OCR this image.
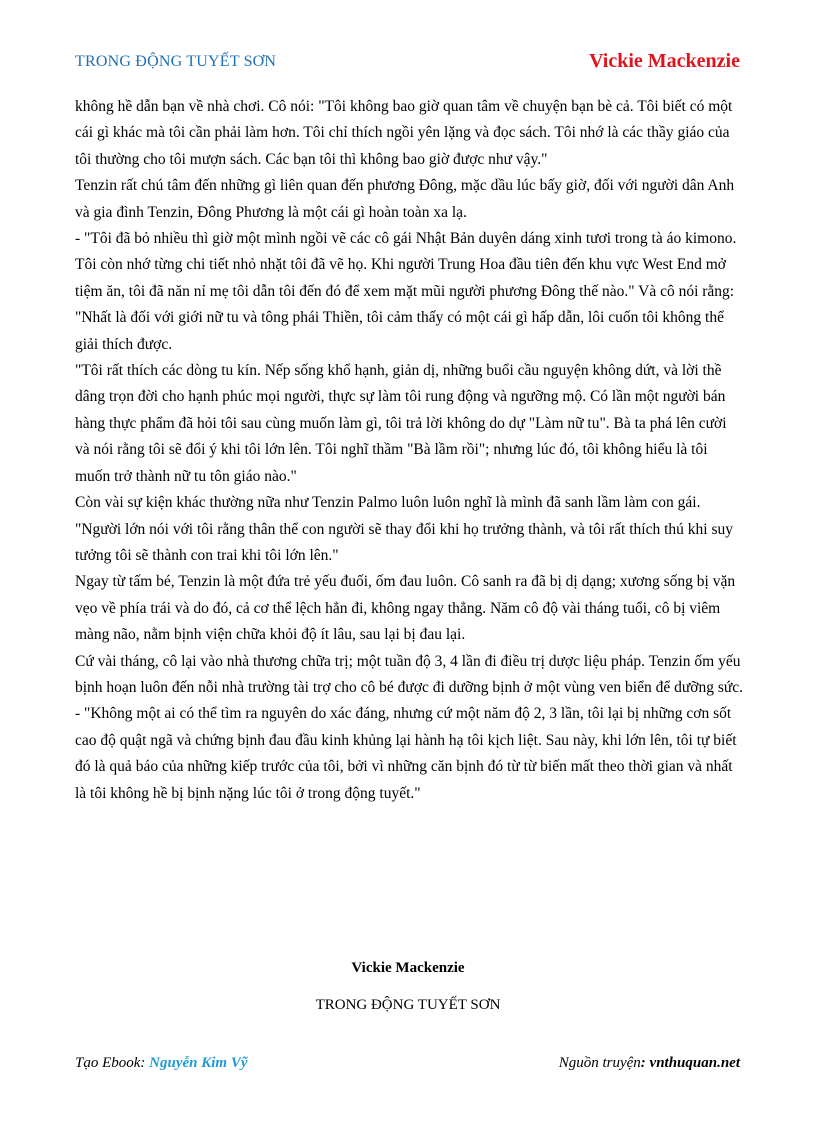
TRONG ĐỘNG TUYẾT SƠN	Vickie Mackenzie

không hề dẫn bạn về nhà chơi. Cô nói: "Tôi không bao giờ quan tâm về chuyện bạn bè cả. Tôi biết có một cái gì khác mà tôi cần phải làm hơn. Tôi chỉ thích ngồi yên lặng và đọc sách. Tôi nhớ là các thầy giáo của tôi thường cho tôi mượn sách. Các bạn tôi thì không bao giờ được như vậy."

Tenzin rất chú tâm đến những gì liên quan đến phương Đông, mặc dầu lúc bấy giờ, đối với người dân Anh và gia đình Tenzin, Đông Phương là một cái gì hoàn toàn xa lạ.

- "Tôi đã bỏ nhiều thì giờ một mình ngồi vẽ các cô gái Nhật Bản duyên dáng xinh tươi trong tà áo kimono. Tôi còn nhớ từng chi tiết nhỏ nhặt tôi đã vẽ họ. Khi người Trung Hoa đầu tiên đến khu vực West End mở tiệm ăn, tôi đã năn nỉ mẹ tôi dẫn tôi đến đó để xem mặt mũi người phương Đông thế nào." Và cô nói rằng: "Nhất là đối với giới nữ tu và tông phái Thiền, tôi cảm thấy có một cái gì hấp dẫn, lôi cuốn tôi không thể giải thích được.

"Tôi rất thích các dòng tu kín. Nếp sống khổ hạnh, giản dị, những buổi cầu nguyện không dứt, và lời thề dâng trọn đời cho hạnh phúc mọi người, thực sự làm tôi rung động và ngưỡng mộ. Có lần một người bán hàng thực phẩm đã hỏi tôi sau cùng muốn làm gì, tôi trả lời không do dự "Làm nữ tu". Bà ta phá lên cười và nói rằng tôi sẽ đổi ý khi tôi lớn lên. Tôi nghĩ thầm "Bà lầm rồi"; nhưng lúc đó, tôi không hiểu là tôi muốn trở thành nữ tu tôn giáo nào."

Còn vài sự kiện khác thường nữa như Tenzin Palmo luôn luôn nghĩ là mình đã sanh lầm làm con gái. "Người lớn nói với tôi rằng thân thể con người sẽ thay đổi khi họ trưởng thành, và tôi rất thích thú khi suy tưởng tôi sẽ thành con trai khi tôi lớn lên."

Ngay từ tấm bé, Tenzin là một đứa trẻ yếu đuối, ốm đau luôn. Cô sanh ra đã bị dị dạng; xương sống bị vặn vẹo về phía trái và do đó, cả cơ thể lệch hẳn đi, không ngay thẳng. Năm cô độ vài tháng tuổi, cô bị viêm màng não, nằm bịnh viện chữa khỏi độ ít lâu, sau lại bị đau lại.

Cứ vài tháng, cô lại vào nhà thương chữa trị; một tuần độ 3, 4 lần đi điều trị dược liệu pháp. Tenzin ốm yếu bịnh hoạn luôn đến nỗi nhà trường tài trợ cho cô bé được đi dưỡng bịnh ở một vùng ven biển để dưỡng sức.

- "Không một ai có thể tìm ra nguyên do xác đáng, nhưng cứ một năm độ 2, 3 lần, tôi lại bị những cơn sốt cao độ quật ngã và chứng bịnh đau đầu kinh khủng lại hành hạ tôi kịch liệt. Sau này, khi lớn lên, tôi tự biết đó là quả báo của những kiếp trước của tôi, bởi vì những căn bịnh đó từ từ biến mất theo thời gian và nhất là tôi không hề bị bịnh nặng lúc tôi ở trong động tuyết."

Vickie Mackenzie
TRONG ĐỘNG TUYẾT SƠN
Tạo Ebook: Nguyễn Kim Vỹ	Nguồn truyện: vnthuquan.net
